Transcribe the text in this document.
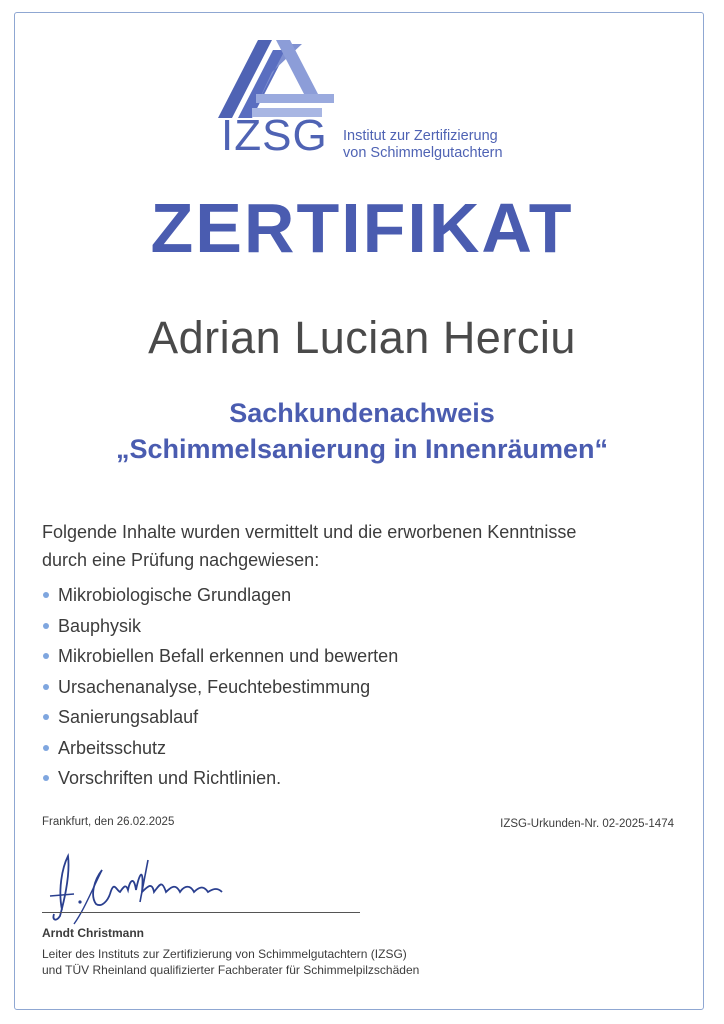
IZSG Institut zur Zertifizierung
von Schimmelgutachtern
ZERTIFIKAT
Adrian Lucian Herciu
Sachkundenachweis
„Schimmelsanierung in Innenräumen“
Folgende Inhalte wurden vermittelt und die erworbenen Kenntnisse
durch eine Prüfung nachgewiesen:
Mikrobiologische Grundlagen
Bauphysik
Mikrobiellen Befall erkennen und bewerten
Ursachenanalyse, Feuchtebestimmung
Sanierungsablauf
Arbeitsschutz
Vorschriften und Richtlinien.
Frankfurt, den 26.02.2025	IZSG-Urkunden-Nr. 02-2025-1474
Arndt Christmann
Leiter des Instituts zur Zertifizierung von Schimmelgutachtern (IZSG)
und TÜV Rheinland qualifizierter Fachberater für Schimmelpilzschäden
